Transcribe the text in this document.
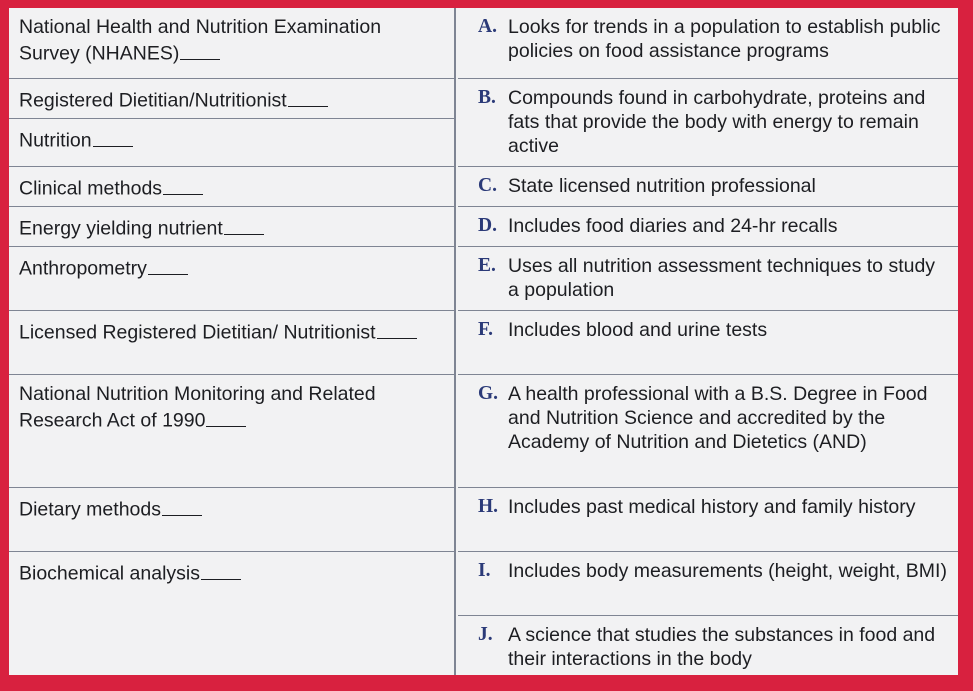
National Health and Nutrition Examination Survey (NHANES)
Registered Dietitian/Nutritionist
Nutrition
Clinical methods
Energy yielding nutrient
Anthropometry
Licensed Registered Dietitian/ Nutritionist
National Nutrition Monitoring and Related Research Act of 1990
Dietary methods
Biochemical analysis
A. Looks for trends in a population to establish public policies on food assistance programs
B. Compounds found in carbohydrate, proteins and fats that provide the body with energy to remain active
C. State licensed nutrition professional
D. Includes food diaries and 24-hr recalls
E. Uses all nutrition assessment techniques to study a population
F. Includes blood and urine tests
G. A health professional with a B.S. Degree in Food and Nutrition Science and accredited by the Academy of Nutrition and Dietetics (AND)
H. Includes past medical history and family history
I. Includes body measurements (height, weight, BMI)
J. A science that studies the substances in food and their interactions in the body
